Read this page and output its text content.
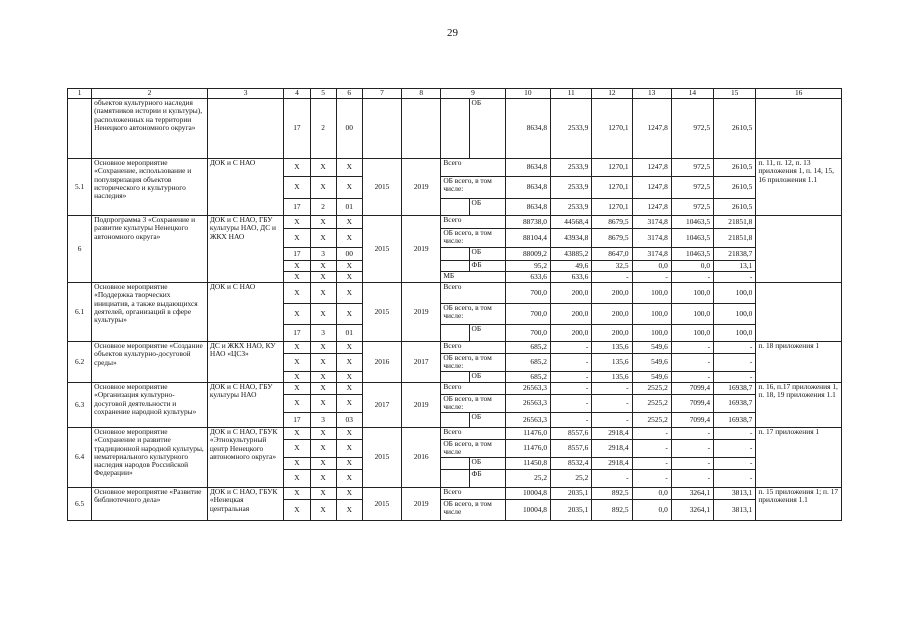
29
1	2	3	4	5	6	7	8	9		10	11	12	13	14	15	16
	объектов культурного наследия (памятников истории и культуры), расположенных на территории Ненецкого автономного округа»		17	2	00				ОБ	8634,8	2533,9	1270,1	1247,8	972,5	2610,5	
5.1	Основное мероприятие «Сохранение, использование и популяризация объектов исторического и культурного наследия»	ДОК и С НАО	Х	Х	Х	2015	2019	Всего		8634,8	2533,9	1270,1	1247,8	972,5	2610,5	п. 11, п. 12, п. 13 приложения 1, п. 14, 15, 16 приложения 1.1
			Х	Х	Х			ОБ всего, в том числе:		8634,8	2533,9	1270,1	1247,8	972,5	2610,5	
			17	2	01				ОБ	8634,8	2533,9	1270,1	1247,8	972,5	2610,5	
6	Подпрограмма 3 «Сохранение и развитие культуры Ненецкого автономного округа»	ДОК и С НАО, ГБУ культуры НАО, ДС и ЖКХ НАО	Х	Х	Х	2015	2019	Всего		88738,0	44568,4	8679,5	3174,8	10463,5	21851,8	
			Х	Х	Х			ОБ всего, в том числе:		88104,4	43934,8	8679,5	3174,8	10463,5	21851,8	
			17	3	00				ОБ	88009,2	43885,2	8647,0	3174,8	10463,5	21838,7	
			Х	Х	Х				ФБ	95,2	49,6	32,5	0,0	0,0	13,1	
			Х	Х	Х			МБ		633,6	633,6	-	-	-	-	
6.1	Основное мероприятие «Поддержка творческих инициатив, а также выдающихся деятелей, организаций в сфере культуры»	ДОК и С НАО	Х	Х	Х	2015	2019	Всего		700,0	200,0	200,0	100,0	100,0	100,0	
			Х	Х	Х			ОБ всего, в том числе:		700,0	200,0	200,0	100,0	100,0	100,0	
			17	3	01				ОБ	700,0	200,0	200,0	100,0	100,0	100,0	
6.2	Основное мероприятие «Создание объектов культурно-досуговой среды»	ДС и ЖКХ НАО, КУ НАО «ЦСЗ»	Х	Х	Х	2016	2017	Всего		685,2	-	135,6	549,6	-	-	п. 18 приложения 1
			Х	Х	Х			ОБ всего, в том числе:		685,2	-	135,6	549,6	-	-	
			Х	Х	Х				ОБ	685,2	-	135,6	549,6	-	-	
6.3	Основное мероприятие «Организация культурно-досуговой деятельности и сохранение народной культуры»	ДОК и С НАО, ГБУ культуры НАО	Х	Х	Х	2017	2019	Всего		26563,3	-	-	2525,2	7099,4	16938,7	п. 16, п.17 приложения 1, п. 18, 19 приложения 1.1
			Х	Х	Х			ОБ всего, в том числе:		26563,3	-	-	2525,2	7099,4	16938,7	
			17	3	03				ОБ	26563,3	-	-	2525,2	7099,4	16938,7	
6.4	Основное мероприятие «Сохранение и развитие традиционной народной культуры, нематериального культурного наследия народов Российской Федерации»	ДОК и С НАО, ГБУК «Этнокультурный центр Ненецкого автономного округа»	Х	Х	Х	2015	2016	Всего		11476,0	8557,6	2918,4	-	-	-	п. 17 приложения 1
			Х	Х	Х			ОБ всего, в том числе		11476,0	8557,6	2918,4	-	-	-	
			Х	Х	Х				ОБ	11450,8	8532,4	2918,4	-	-	-	
			Х	Х	Х				ФБ	25,2	25,2	-	-	-	-	
6.5	Основное мероприятие «Развитие библиотечного дела»	ДОК и С НАО, ГБУК «Ненецкая центральная	Х	Х	Х	2015	2019	Всего		10004,8	2035,1	892,5	0,0	3264,1	3813,1	п. 15 приложения 1; п. 17 приложения 1.1
			Х	Х	Х			ОБ всего, в том числе		10004,8	2035,1	892,5	0,0	3264,1	3813,1	
